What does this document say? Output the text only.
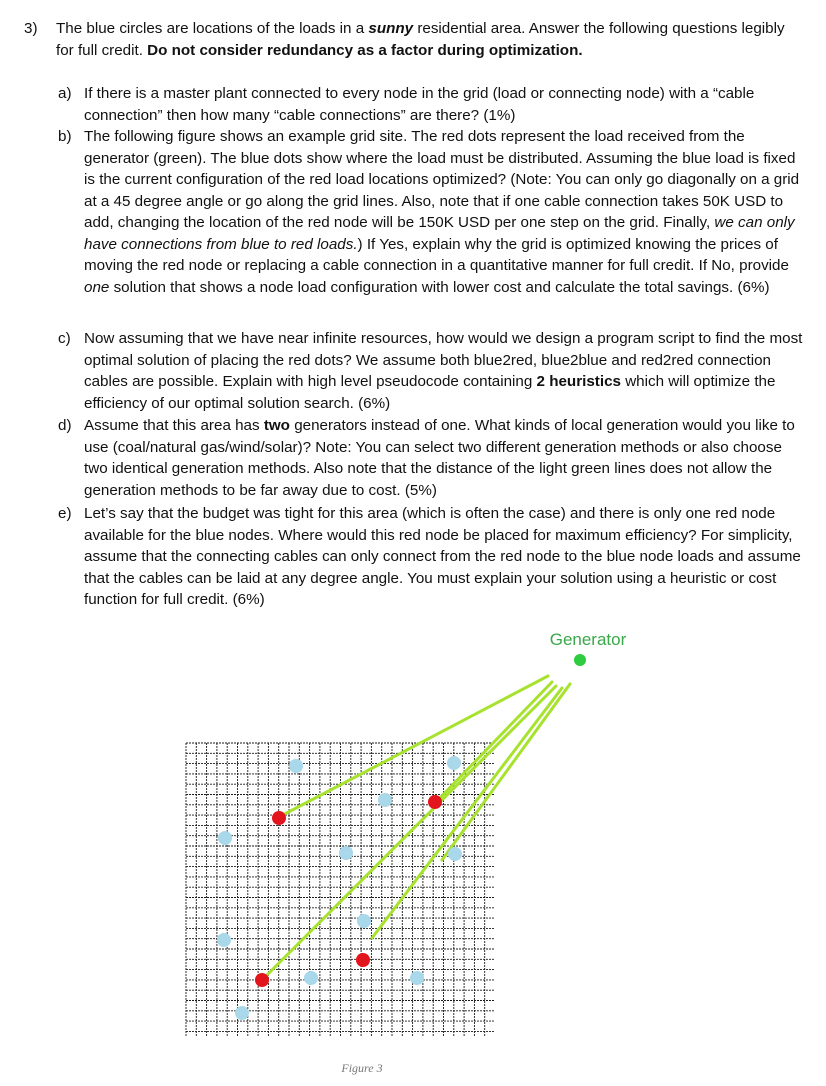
3) The blue circles are locations of the loads in a sunny residential area. Answer the following questions legibly for full credit. Do not consider redundancy as a factor during optimization.
a) If there is a master plant connected to every node in the grid (load or connecting node) with a “cable connection” then how many “cable connections” are there? (1%)
b) The following figure shows an example grid site. The red dots represent the load received from the generator (green). The blue dots show where the load must be distributed. Assuming the blue load is fixed is the current configuration of the red load locations optimized? (Note: You can only go diagonally on a grid at a 45 degree angle or go along the grid lines. Also, note that if one cable connection takes 50K USD to add, changing the location of the red node will be 150K USD per one step on the grid. Finally, we can only have connections from blue to red loads.) If Yes, explain why the grid is optimized knowing the prices of moving the red node or replacing a cable connection in a quantitative manner for full credit. If No, provide one solution that shows a node load configuration with lower cost and calculate the total savings. (6%)
c) Now assuming that we have near infinite resources, how would we design a program script to find the most optimal solution of placing the red dots? We assume both blue2red, blue2blue and red2red connection cables are possible. Explain with high level pseudocode containing 2 heuristics which will optimize the efficiency of our optimal solution search. (6%)
d) Assume that this area has two generators instead of one. What kinds of local generation would you like to use (coal/natural gas/wind/solar)? Note: You can select two different generation methods or also choose two identical generation methods. Also note that the distance of the light green lines does not allow the generation methods to be far away due to cost. (5%)
e) Let’s say that the budget was tight for this area (which is often the case) and there is only one red node available for the blue nodes. Where would this red node be placed for maximum efficiency? For simplicity, assume that the connecting cables can only connect from the red node to the blue node loads and assume that the cables can be laid at any degree angle. You must explain your solution using a heuristic or cost function for full credit. (6%)
Generator
Figure 3
